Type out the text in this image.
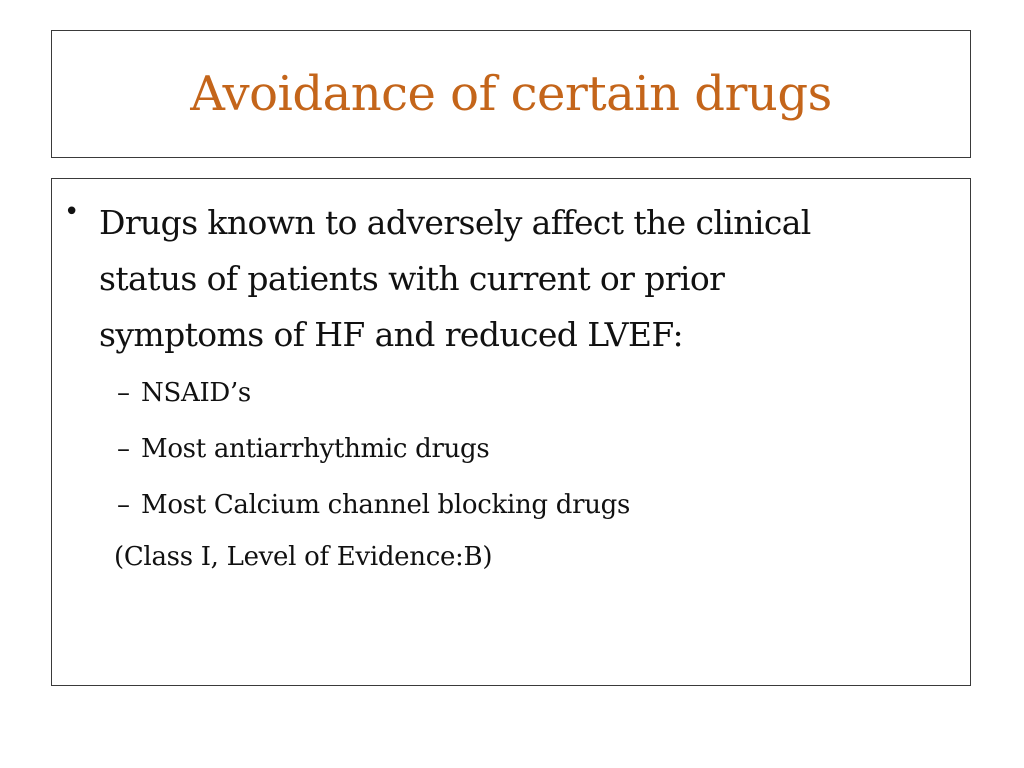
Avoidance of certain drugs
• Drugs known to adversely affect the clinical
status of patients with current or prior
symptoms of HF and reduced LVEF:

– NSAID’s
– Most antiarrhythmic drugs
– Most Calcium channel blocking drugs

(Class I, Level of Evidence:B)
